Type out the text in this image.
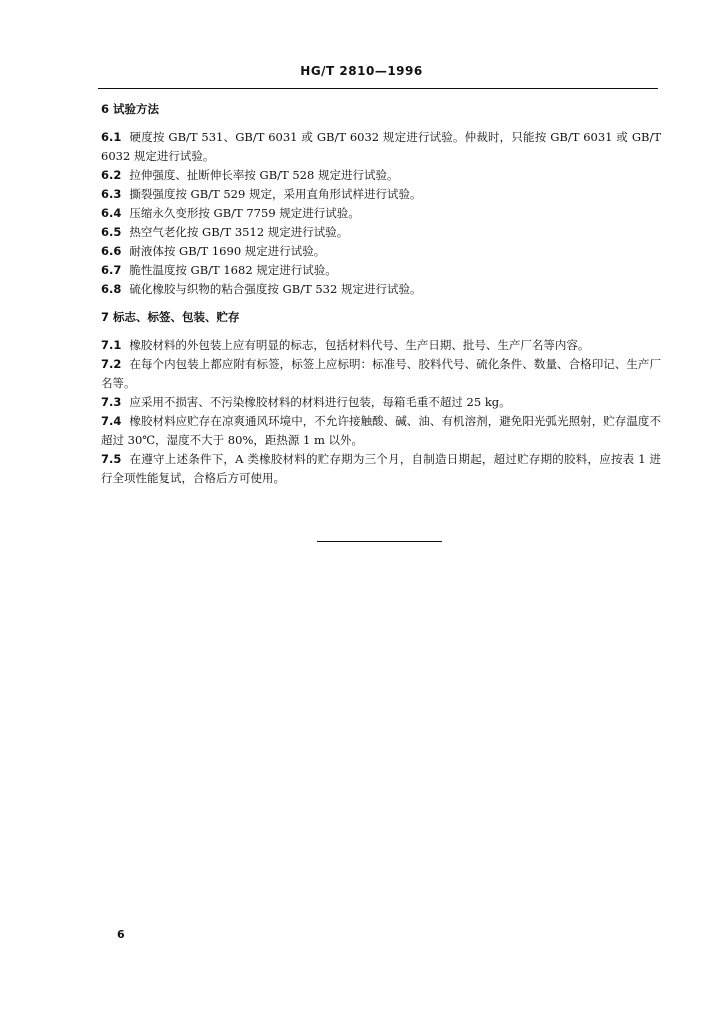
HG/T 2810—1996
6 试验方法

6.1 硬度按 GB/T 531、GB/T 6031 或 GB/T 6032 规定进行试验。仲裁时，只能按 GB/T 6031 或 GB/T 6032 规定进行试验。

6.2 拉伸强度、扯断伸长率按 GB/T 528 规定进行试验。

6.3 撕裂强度按 GB/T 529 规定，采用直角形试样进行试验。

6.4 压缩永久变形按 GB/T 7759 规定进行试验。

6.5 热空气老化按 GB/T 3512 规定进行试验。

6.6 耐液体按 GB/T 1690 规定进行试验。

6.7 脆性温度按 GB/T 1682 规定进行试验。

6.8 硫化橡胶与织物的粘合强度按 GB/T 532 规定进行试验。

7 标志、标签、包装、贮存

7.1 橡胶材料的外包装上应有明显的标志，包括材料代号、生产日期、批号、生产厂名等内容。

7.2 在每个内包装上都应附有标签，标签上应标明：标准号、胶料代号、硫化条件、数量、合格印记、生产厂名等。

7.3 应采用不损害、不污染橡胶材料的材料进行包装，每箱毛重不超过 25 kg。

7.4 橡胶材料应贮存在凉爽通风环境中，不允许接触酸、碱、油、有机溶剂，避免阳光弧光照射，贮存温度不超过 30℃，湿度不大于 80%，距热源 1 m 以外。

7.5 在遵守上述条件下，A 类橡胶材料的贮存期为三个月，自制造日期起，超过贮存期的胶料，应按表 1 进行全项性能复试，合格后方可使用。

6
